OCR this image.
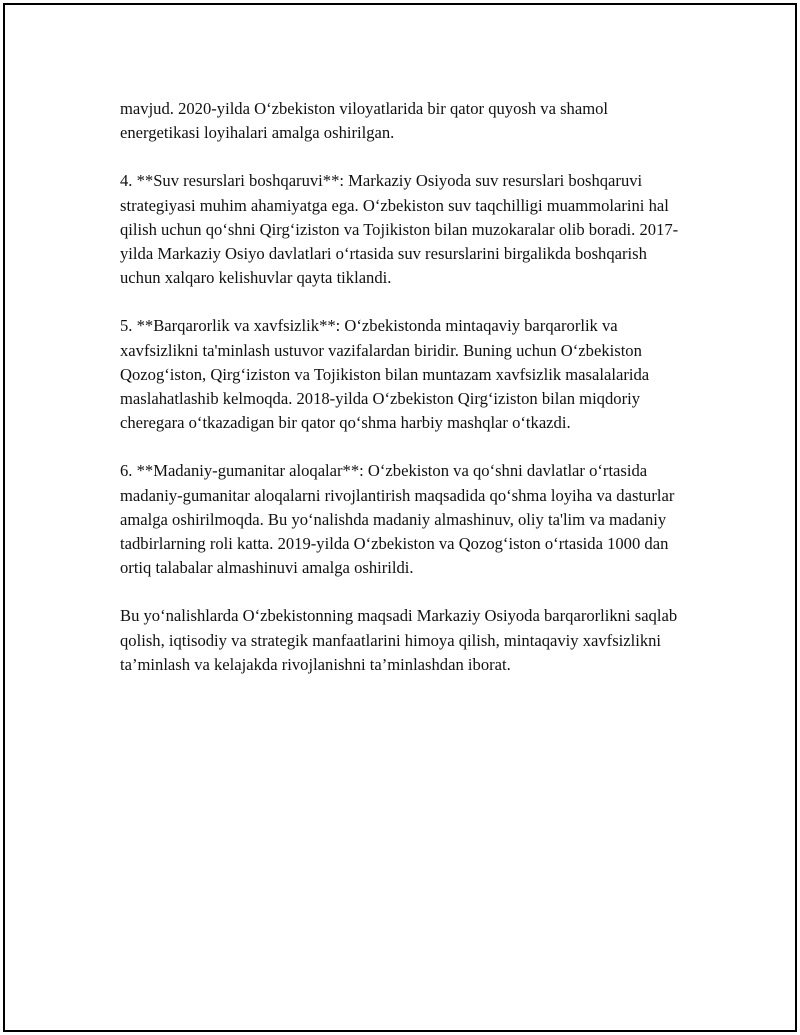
mavjud. 2020-yilda O‘zbekiston viloyatlarida bir qator quyosh va shamol energetikasi loyihalari amalga oshirilgan.

4. **Suv resurslari boshqaruvi**: Markaziy Osiyoda suv resurslari boshqaruvi strategiyasi muhim ahamiyatga ega. O‘zbekiston suv taqchilligi muammolarini hal qilish uchun qo‘shni Qirg‘iziston va Tojikiston bilan muzokaralar olib boradi. 2017-yilda Markaziy Osiyo davlatlari o‘rtasida suv resurslarini birgalikda boshqarish uchun xalqaro kelishuvlar qayta tiklandi.

5. **Barqarorlik va xavfsizlik**: O‘zbekistonda mintaqaviy barqarorlik va xavfsizlikni ta'minlash ustuvor vazifalardan biridir. Buning uchun O‘zbekiston Qozog‘iston, Qirg‘iziston va Tojikiston bilan muntazam xavfsizlik masalalarida maslahatlashib kelmoqda. 2018-yilda O‘zbekiston Qirg‘iziston bilan miqdoriy cheregara o‘tkazadigan bir qator qo‘shma harbiy mashqlar o‘tkazdi.

6. **Madaniy-gumanitar aloqalar**: O‘zbekiston va qo‘shni davlatlar o‘rtasida madaniy-gumanitar aloqalarni rivojlantirish maqsadida qo‘shma loyiha va dasturlar amalga oshirilmoqda. Bu yo‘nalishda madaniy almashinuv, oliy ta'lim va madaniy tadbirlarning roli katta. 2019-yilda O‘zbekiston va Qozog‘iston o‘rtasida 1000 dan ortiq talabalar almashinuvi amalga oshirildi.

Bu yo‘nalishlarda O‘zbekistonning maqsadi Markaziy Osiyoda barqarorlikni saqlab qolish, iqtisodiy va strategik manfaatlarini himoya qilish, mintaqaviy xavfsizlikni ta’minlash va kelajakda rivojlanishni ta’minlashdan iborat.
